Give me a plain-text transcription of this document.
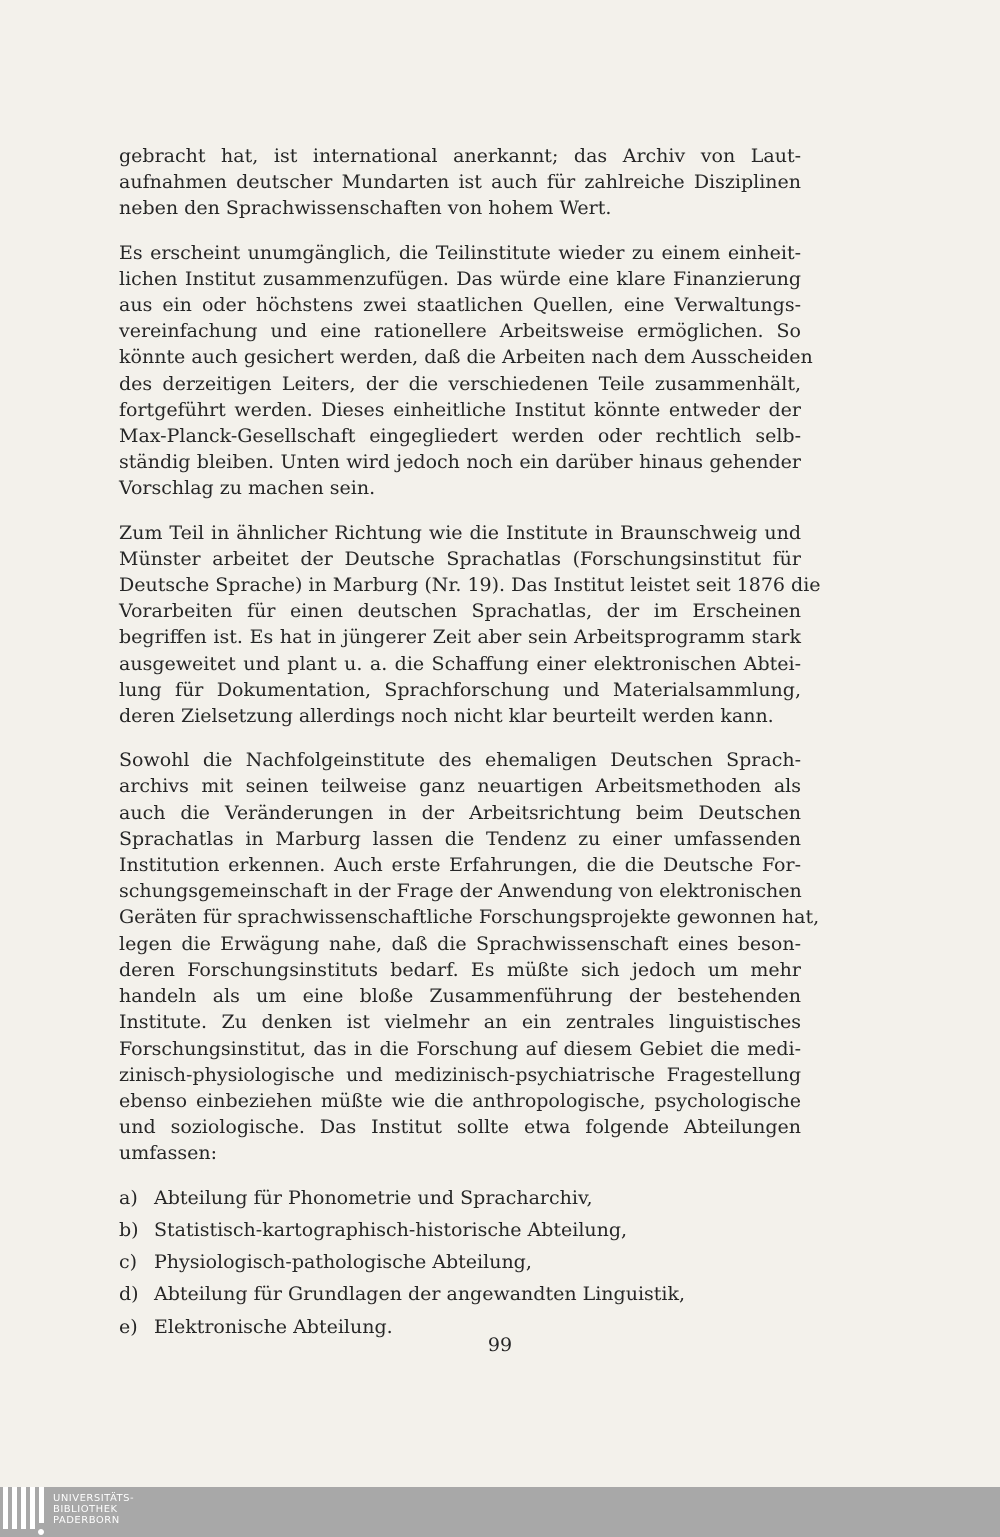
gebracht hat, ist international anerkannt; das Archiv von Laut-
aufnahmen deutscher Mundarten ist auch für zahlreiche Disziplinen
neben den Sprachwissenschaften von hohem Wert.

Es erscheint unumgänglich, die Teilinstitute wieder zu einem einheit-
lichen Institut zusammenzufügen. Das würde eine klare Finanzierung
aus ein oder höchstens zwei staatlichen Quellen, eine Verwaltungs-
vereinfachung und eine rationellere Arbeitsweise ermöglichen. So
könnte auch gesichert werden, daß die Arbeiten nach dem Ausscheiden
des derzeitigen Leiters, der die verschiedenen Teile zusammenhält,
fortgeführt werden. Dieses einheitliche Institut könnte entweder der
Max-Planck-Gesellschaft eingegliedert werden oder rechtlich selb-
ständig bleiben. Unten wird jedoch noch ein darüber hinaus gehender
Vorschlag zu machen sein.

Zum Teil in ähnlicher Richtung wie die Institute in Braunschweig und
Münster arbeitet der Deutsche Sprachatlas (Forschungsinstitut für
Deutsche Sprache) in Marburg (Nr. 19). Das Institut leistet seit 1876 die
Vorarbeiten für einen deutschen Sprachatlas, der im Erscheinen
begriffen ist. Es hat in jüngerer Zeit aber sein Arbeitsprogramm stark
ausgeweitet und plant u. a. die Schaffung einer elektronischen Abtei-
lung für Dokumentation, Sprachforschung und Materialsammlung,
deren Zielsetzung allerdings noch nicht klar beurteilt werden kann.

Sowohl die Nachfolgeinstitute des ehemaligen Deutschen Sprach-
archivs mit seinen teilweise ganz neuartigen Arbeitsmethoden als
auch die Veränderungen in der Arbeitsrichtung beim Deutschen
Sprachatlas in Marburg lassen die Tendenz zu einer umfassenden
Institution erkennen. Auch erste Erfahrungen, die die Deutsche For-
schungsgemeinschaft in der Frage der Anwendung von elektronischen
Geräten für sprachwissenschaftliche Forschungsprojekte gewonnen hat,
legen die Erwägung nahe, daß die Sprachwissenschaft eines beson-
deren Forschungsinstituts bedarf. Es müßte sich jedoch um mehr
handeln als um eine bloße Zusammenführung der bestehenden
Institute. Zu denken ist vielmehr an ein zentrales linguistisches
Forschungsinstitut, das in die Forschung auf diesem Gebiet die medi-
zinisch-physiologische und medizinisch-psychiatrische Fragestellung
ebenso einbeziehen müßte wie die anthropologische, psychologische
und soziologische. Das Institut sollte etwa folgende Abteilungen
umfassen:

a) Abteilung für Phonometrie und Spracharchiv,
b) Statistisch-kartographisch-historische Abteilung,
c) Physiologisch-pathologische Abteilung,
d) Abteilung für Grundlagen der angewandten Linguistik,
e) Elektronische Abteilung.
99
UNIVERSITÄTS-
BIBLIOTHEK
PADERBORN
